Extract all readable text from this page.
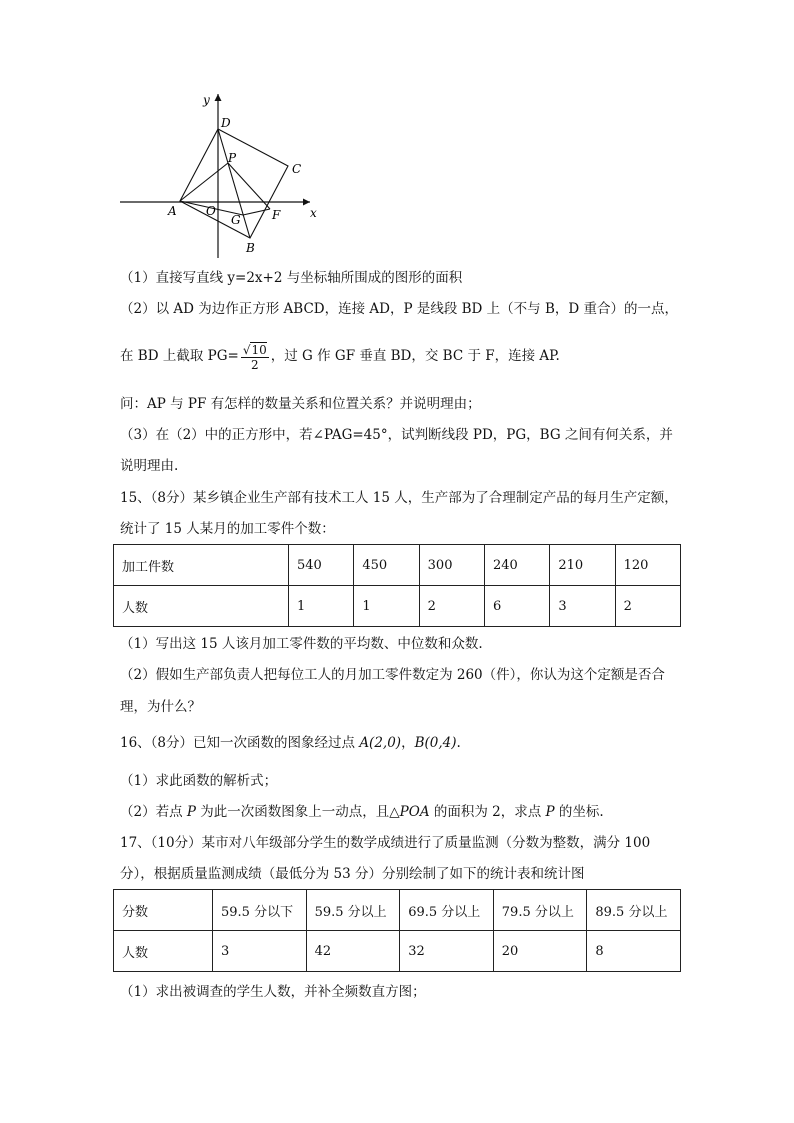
y
x
O
A
B
C
D
P
G	F
（1）直接写直线 y=2x+2 与坐标轴所围成的图形的面积
（2）以 AD 为边作正方形 ABCD，连接 AD，P 是线段 BD 上（不与 B，D 重合）的一点，
在 BD 上截取 $PG= \frac{√10}{2}$ ，过 G 作 GF 垂直 BD，交 BC 于 F，连接 AP.
问：AP 与 PF 有怎样的数量关系和位置关系？并说明理由；
（3）在（2）中的正方形中，若∠PAG=45°，试判断线段 PD，PG，BG 之间有何关系，并
说明理由.
15、（8分）某乡镇企业生产部有技术工人 15 人，生产部为了合理制定产品的每月生产定额，
统计了 15 人某月的加工零件个数：
加工件数	540	450	300	240	210	120
人数	1	1	2	6	3	2
（1）写出这 15 人该月加工零件数的平均数、中位数和众数.
（2）假如生产部负责人把每位工人的月加工零件数定为 260（件），你认为这个定额是否合
理，为什么？
16、（8分）已知一次函数的图象经过点 A(2,0)，B(0,4).
（1）求此函数的解析式；
（2）若点 P 为此一次函数图象上一动点，且△POA 的面积为 2，求点 P 的坐标.
17、（10分）某市对八年级部分学生的数学成绩进行了质量监测（分数为整数，满分 100
分），根据质量监测成绩（最低分为 53 分）分别绘制了如下的统计表和统计图
分数	59.5 分以下	59.5 分以上	69.5 分以上	79.5 分以上	89.5 分以上
人数	3	42	32	20	8
（1）求出被调查的学生人数，并补全频数直方图；
